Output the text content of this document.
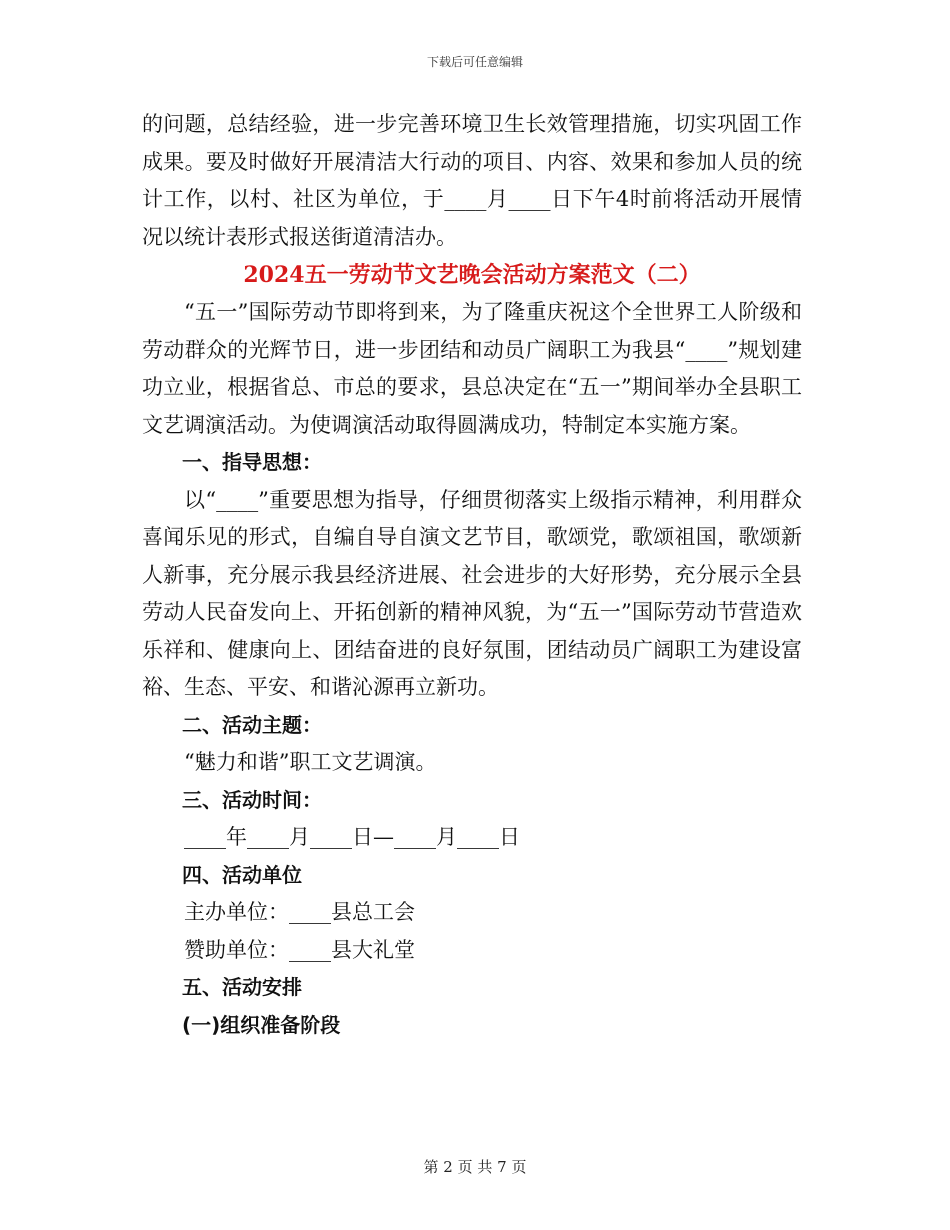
下载后可任意编辑

的问题，总结经验，进一步完善环境卫生长效管理措施，切实巩固工作成果。要及时做好开展清洁大行动的项目、内容、效果和参加人员的统计工作，以村、社区为单位，于____月____日下午4时前将活动开展情况以统计表形式报送街道清洁办。

2024五一劳动节文艺晚会活动方案范文（二）

“五一”国际劳动节即将到来，为了隆重庆祝这个全世界工人阶级和劳动群众的光辉节日，进一步团结和动员广阔职工为我县“____”规划建功立业，根据省总、市总的要求，县总决定在“五一”期间举办全县职工文艺调演活动。为使调演活动取得圆满成功，特制定本实施方案。

一、指导思想：

以“____”重要思想为指导，仔细贯彻落实上级指示精神，利用群众喜闻乐见的形式，自编自导自演文艺节目，歌颂党，歌颂祖国，歌颂新人新事，充分展示我县经济进展、社会进步的大好形势，充分展示全县劳动人民奋发向上、开拓创新的精神风貌，为“五一”国际劳动节营造欢乐祥和、健康向上、团结奋进的良好氛围，团结动员广阔职工为建设富裕、生态、平安、和谐沁源再立新功。

二、活动主题：

“魅力和谐”职工文艺调演。

三、活动时间：

____年____月____日—____月____日

四、活动单位

主办单位：____县总工会

赞助单位：____县大礼堂

五、活动安排

(一)组织准备阶段

第 2 页 共 7 页
